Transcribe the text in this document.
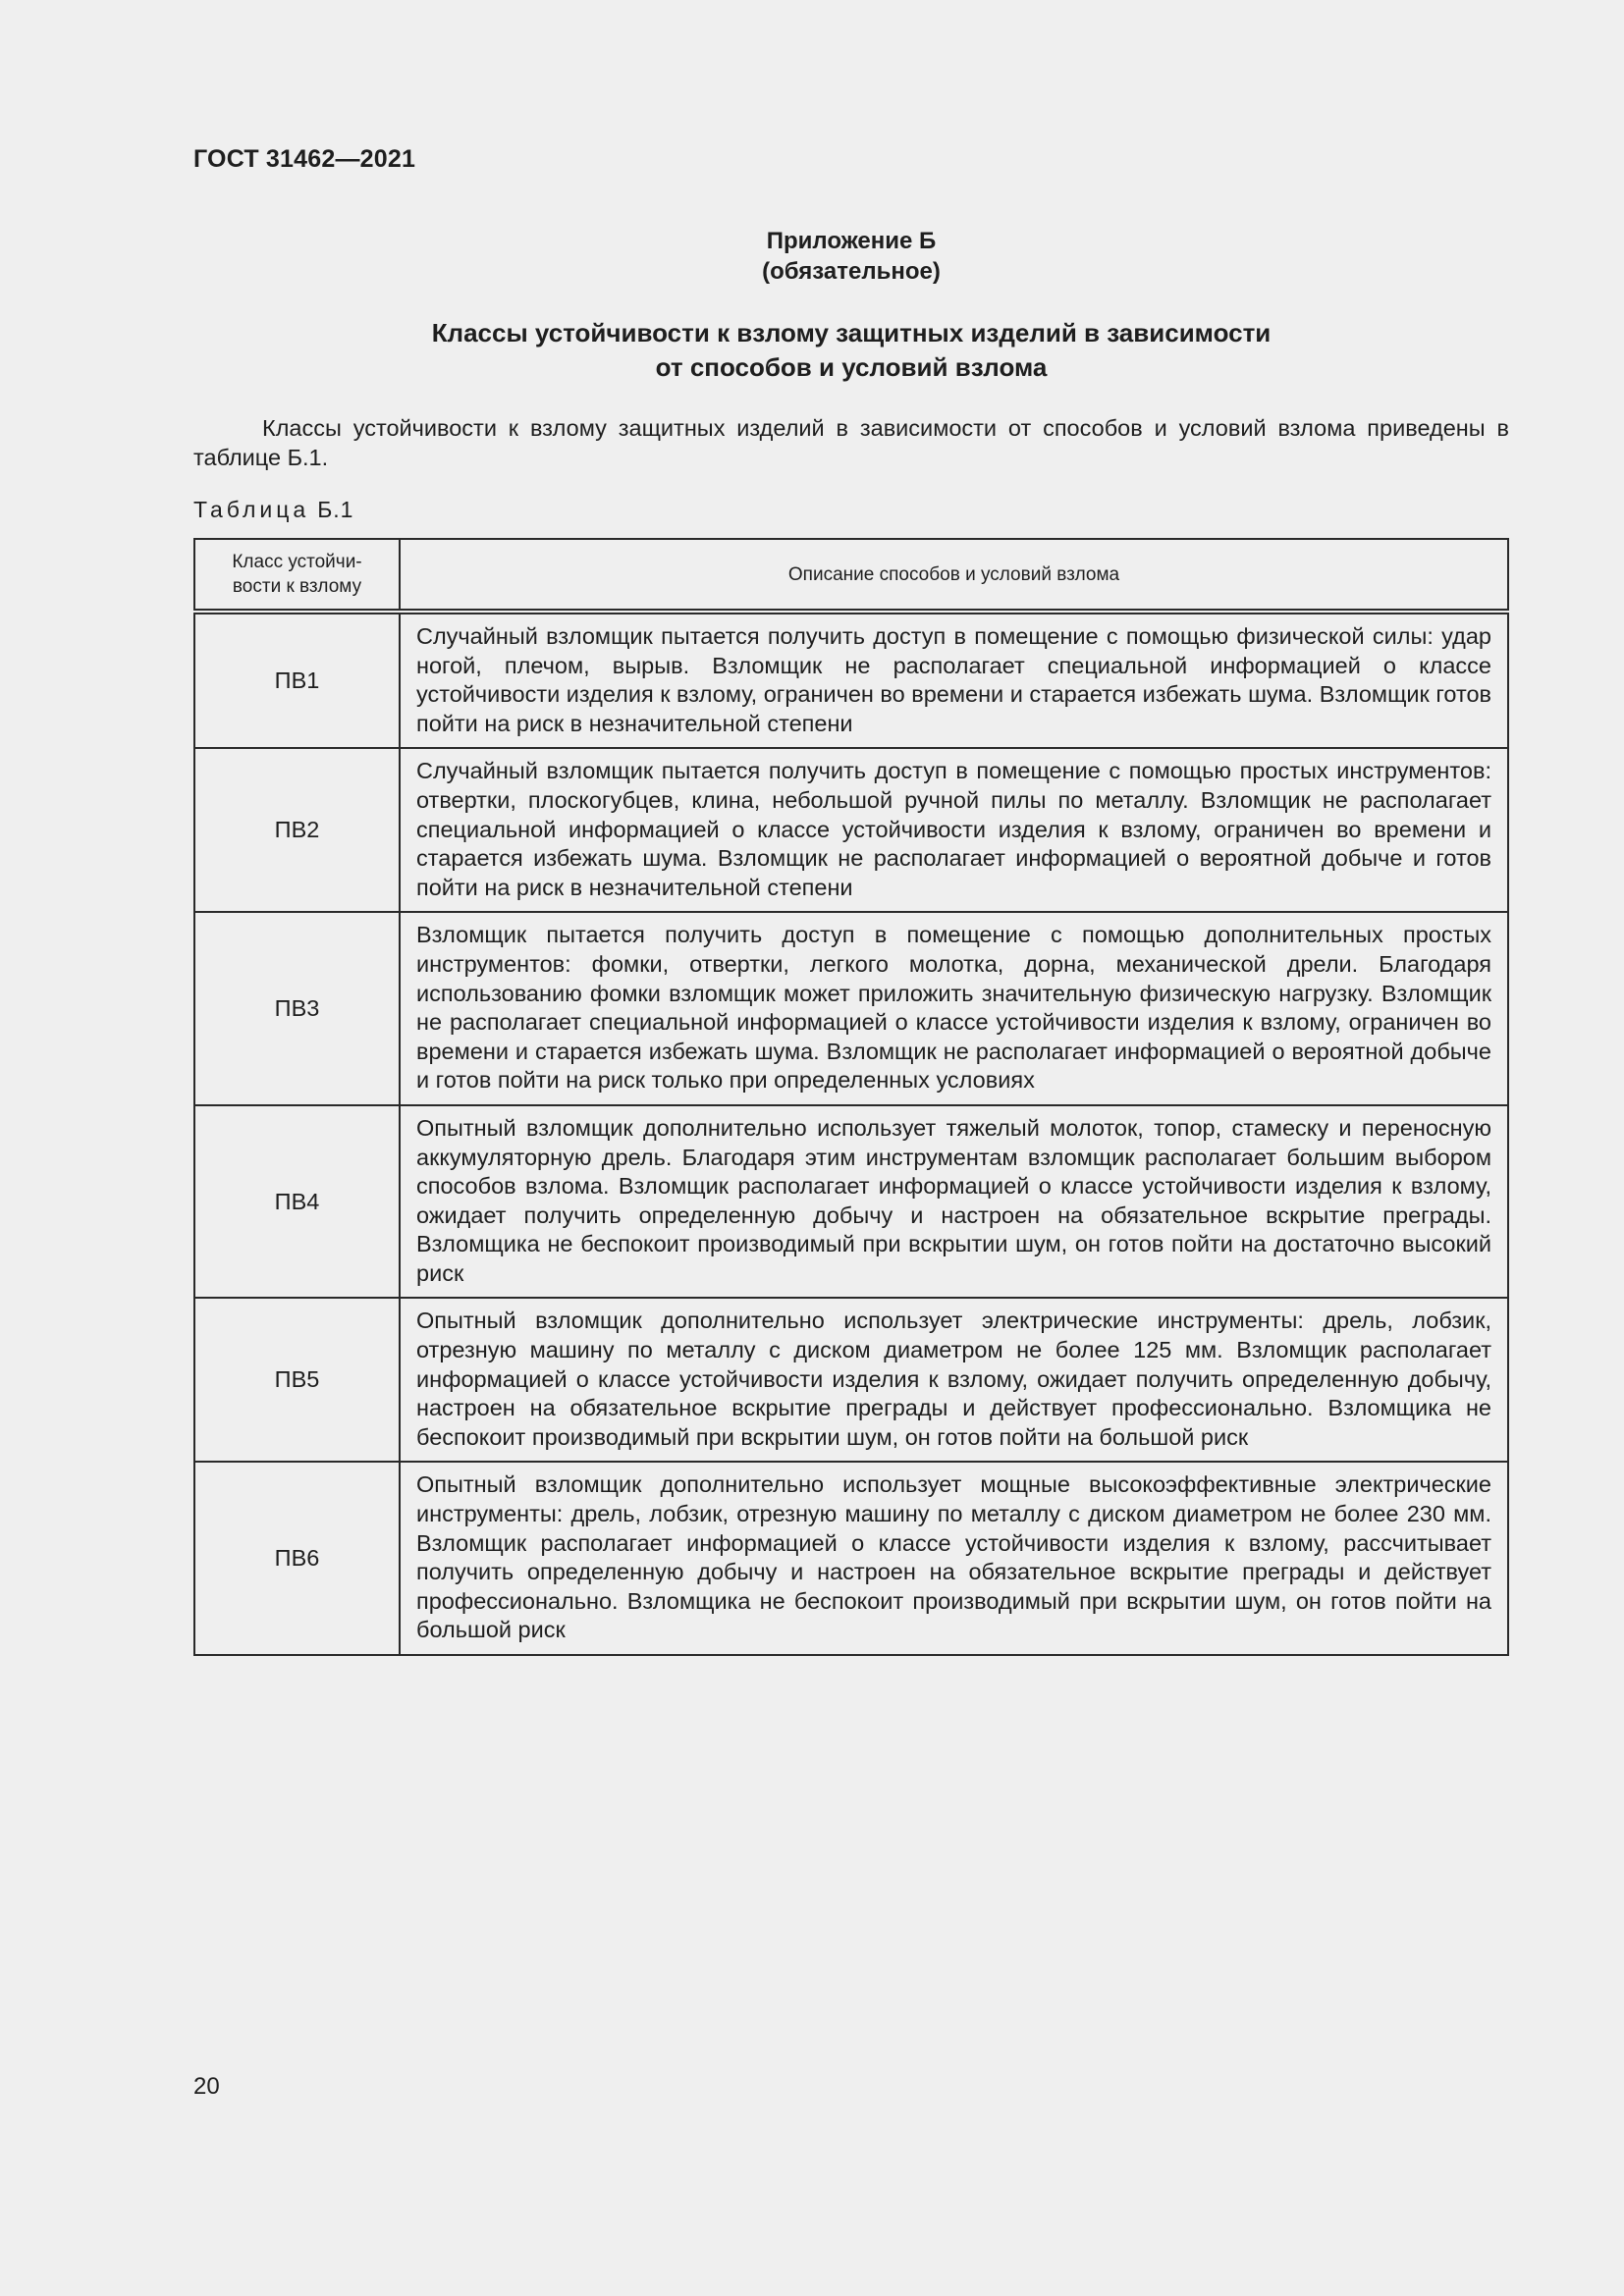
ГОСТ 31462—2021
Приложение Б
(обязательное)
Классы устойчивости к взлому защитных изделий в зависимости
от способов и условий взлома
Классы устойчивости к взлому защитных изделий в зависимости от способов и условий взлома приведены в таблице Б.1.
Таблица Б.1
Класс устойчи-
вости к взлому	Описание способов и условий взлома
ПВ1	Случайный взломщик пытается получить доступ в помещение с помощью физической силы: удар ногой, плечом, вырыв. Взломщик не располагает специальной информацией о классе устойчивости изделия к взлому, ограничен во времени и старается избежать шума. Взломщик готов пойти на риск в незначительной степени
ПВ2	Случайный взломщик пытается получить доступ в помещение с помощью простых инструментов: отвертки, плоскогубцев, клина, небольшой ручной пилы по металлу. Взломщик не располагает специальной информацией о классе устойчивости изделия к взлому, ограничен во времени и старается избежать шума. Взломщик не располагает информацией о вероятной добыче и готов пойти на риск в незначительной степени
ПВ3	Взломщик пытается получить доступ в помещение с помощью дополнительных простых инструментов: фомки, отвертки, легкого молотка, дорна, механической дрели. Благодаря использованию фомки взломщик может приложить значительную физическую нагрузку. Взломщик не располагает специальной информацией о классе устойчивости изделия к взлому, ограничен во времени и старается избежать шума. Взломщик не располагает информацией о вероятной добыче и готов пойти на риск только при определенных условиях
ПВ4	Опытный взломщик дополнительно использует тяжелый молоток, топор, стамеску и переносную аккумуляторную дрель. Благодаря этим инструментам взломщик располагает большим выбором способов взлома. Взломщик располагает информацией о классе устойчивости изделия к взлому, ожидает получить определенную добычу и настроен на обязательное вскрытие преграды. Взломщика не беспокоит производимый при вскрытии шум, он готов пойти на достаточно высокий риск
ПВ5	Опытный взломщик дополнительно использует электрические инструменты: дрель, лобзик, отрезную машину по металлу с диском диаметром не более 125 мм. Взломщик располагает информацией о классе устойчивости изделия к взлому, ожидает получить определенную добычу, настроен на обязательное вскрытие преграды и действует профессионально. Взломщика не беспокоит производимый при вскрытии шум, он готов пойти на большой риск
ПВ6	Опытный взломщик дополнительно использует мощные высокоэффективные электрические инструменты: дрель, лобзик, отрезную машину по металлу с диском диаметром не более 230 мм. Взломщик располагает информацией о классе устойчивости изделия к взлому, рассчитывает получить определенную добычу и настроен на обязательное вскрытие преграды и действует профессионально. Взломщика не беспокоит производимый при вскрытии шум, он готов пойти на большой риск
20
